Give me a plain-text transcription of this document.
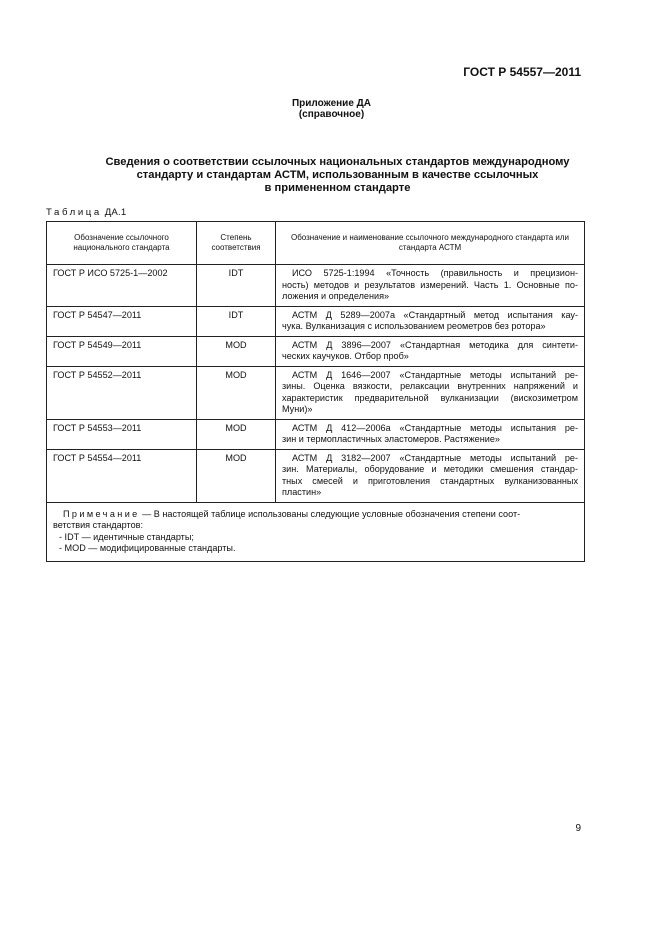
ГОСТ Р 54557—2011
Приложение ДА
(справочное)
Сведения о соответствии ссылочных национальных стандартов международному
стандарту и стандартам АСТМ, использованным в качестве ссылочных
в примененном стандарте
Таблица ДА.1
Обозначение ссылочного национального стандарта	Степень соответствия	Обозначение и наименование ссылочного международного стандарта или стандарта АСТМ
ГОСТ Р ИСО 5725-1—2002	IDT	ИСО 5725-1:1994 «Точность (правильность и прецизион-
ность) методов и результатов измерений. Часть 1. Основные по-
ложения и определения»

ГОСТ Р 54547—2011	IDT	АСТМ Д 5289—2007а «Стандартный метод испытания кау-
чука. Вулканизация с использованием реометров без ротора»

ГОСТ Р 54549—2011	MOD	АСТМ Д 3896—2007 «Стандартная методика для синтети-
ческих каучуков. Отбор проб»

ГОСТ Р 54552—2011	MOD	АСТМ Д 1646—2007 «Стандартные методы испытаний ре-
зины. Оценка вязкости, релаксации внутренних напряжений и
характеристик предварительной вулканизации (вискозиметром
Муни)»

ГОСТ Р 54553—2011	MOD	АСТМ Д 412—2006а «Стандартные методы испытания ре-
зин и термопластичных эластомеров. Растяжение»

ГОСТ Р 54554—2011	MOD	АСТМ Д 3182—2007 «Стандартные методы испытаний ре-
зин. Материалы, оборудование и методики смешения стандар-
тных смесей и приготовления стандартных вулканизованных
пластин»

Примечание — В настоящей таблице использованы следующие условные обозначения степени соот-
ветствия стандартов:
- IDT — идентичные стандарты;
- MOD — модифицированные стандарты.		
9
